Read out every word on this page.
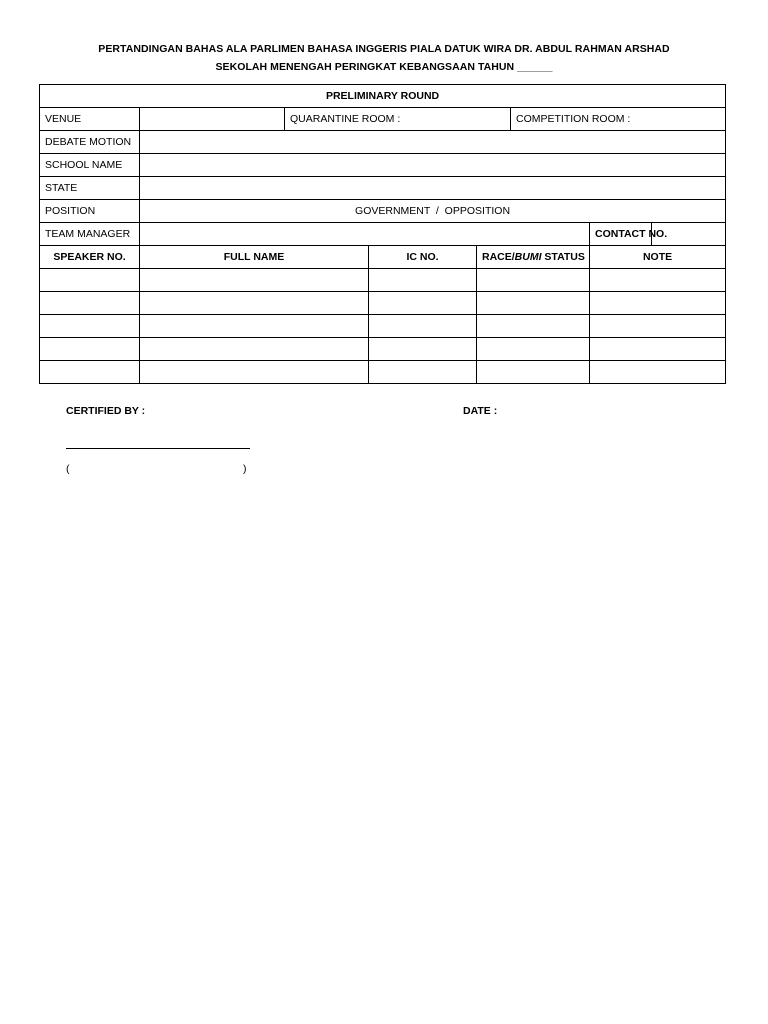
PERTANDINGAN BAHAS ALA PARLIMEN BAHASA INGGERIS PIALA DATUK WIRA DR. ABDUL RAHMAN ARSHAD
SEKOLAH MENENGAH PERINGKAT KEBANGSAAN TAHUN ______
PRELIMINARY ROUND							
VENUE		QUARANTINE ROOM :			COMPETITION ROOM :		
DEBATE MOTION							
SCHOOL NAME							
STATE							
POSITION	GOVERNMENT  /  OPPOSITION						
TEAM MANAGER						CONTACT NO.	
SPEAKER NO.	FULL NAME		IC NO.	RACE/BUMI STATUS		NOTE	

CERTIFIED BY :	DATE :
(	)
